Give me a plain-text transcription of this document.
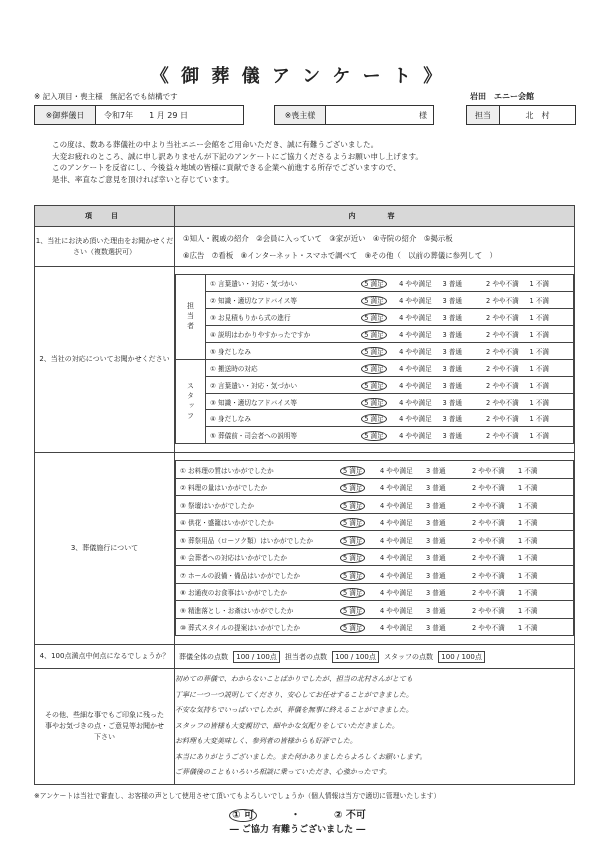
《 御 葬 儀 ア ン ケ ー ト 》
※ 記入項目・喪主様　無記名でも結構です	岩田　エニー会館
※御葬儀日	令和7年　　1 月 29 日	※喪主様	様	担当	北　村
この度は、数ある葬儀社の中より当社エニー会館をご用命いただき、誠に有難うございました。
大変お疲れのところ、誠に申し訳ありませんが下記のアンケートにご協力くださるようお願い申し上げます。
このアンケートを反省にし、今後益々地域の皆様に貢献できる企業へ前進する所存でございますので、
是非、率直なご意見を頂ければ幸いと存じています。
項　目	内　　容
1、当社にお決め頂いた理由をお聞かせください（複数選択可）	
①知人・親戚の紹介　②会員に入っていて　③家が近い　④寺院の紹介　⑤掲示板
⑥広告　⑦看板　⑧インターネット・スマホで調べて　⑨その他（　以前の葬儀に参列して　）

2、当社の対応についてお聞かせください	
担当者	
① 言葉遣い・対応・気づかい	5 満足	4 やや満足	3 普通	2 やや不満	1 不満

② 知識・適切なアドバイス等	5 満足	4 やや満足	3 普通	2 やや不満	1 不満

③ お見積もりから式の進行	5 満足	4 やや満足	3 普通	2 やや不満	1 不満

④ 説明はわかりやすかったですか	5 満足	4 やや満足	3 普通	2 やや不満	1 不満

⑤ 身だしなみ	5 満足	4 やや満足	3 普通	2 やや不満	1 不満

スタッフ	
① 搬送時の対応	5 満足	4 やや満足	3 普通	2 やや不満	1 不満

② 言葉遣い・対応・気づかい	5 満足	4 やや満足	3 普通	2 やや不満	1 不満

③ 知識・適切なアドバイス等	5 満足	4 やや満足	3 普通	2 やや不満	1 不満

④ 身だしなみ	5 満足	4 やや満足	3 普通	2 やや不満	1 不満

⑤ 葬儀前・司会者への説明等	5 満足	4 やや満足	3 普通	2 やや不満	1 不満

3、葬儀施行について	
① お料理の質はいかがでしたか	5 満足	4 やや満足	3 普通	2 やや不満	1 不満

② 料理の量はいかがでしたか	5 満足	4 やや満足	3 普通	2 やや不満	1 不満

③ 祭壇はいかがでしたか	5 満足	4 やや満足	3 普通	2 やや不満	1 不満

④ 供花・盛籠はいかがでしたか	5 満足	4 やや満足	3 普通	2 やや不満	1 不満

⑤ 葬祭用品（ローソク類）はいかがでしたか	5 満足	4 やや満足	3 普通	2 やや不満	1 不満

⑥ 会葬者への対応はいかがでしたか	5 満足	4 やや満足	3 普通	2 やや不満	1 不満

⑦ ホールの設備・備品はいかがでしたか	5 満足	4 やや満足	3 普通	2 やや不満	1 不満

⑧ お通夜のお食事はいかがでしたか	5 満足	4 やや満足	3 普通	2 やや不満	1 不満

⑨ 精進落とし・お斎はいかがでしたか	5 満足	4 やや満足	3 普通	2 やや不満	1 不満

⑩ 葬式スタイルの提案はいかがでしたか	5 満足	4 やや満足	3 普通	2 やや不満	1 不満

4、100点満点中何点になるでしょうか？	葬儀全体の点数 100 / 100点 担当者の点数 100 / 100点 スタッフの点数 100 / 100点
その他、些細な事でもご印象に残った事やお気づきの点・ご意見等お聞かせ下さい	
初めての葬儀で、わからないことばかりでしたが、担当の北村さんがとても
丁寧に一つ一つ説明してくださり、安心してお任せすることができました。
不安な気持ちでいっぱいでしたが、葬儀を無事に終えることができました。
スタッフの皆様も大変親切で、細やかな気配りをしていただきました。
お料理も大変美味しく、参列者の皆様からも好評でした。
本当にありがとうございました。また何かありましたらよろしくお願いします。
ご葬儀後のこともいろいろ相談に乗っていただき、心強かったです。
※アンケートは当社で審査し、お客様の声として使用させて頂いてもよろしいでしょうか（個人情報は当方で適切に管理いたします）
① 可	・	② 不可
― ご協力 有難うございました ―
